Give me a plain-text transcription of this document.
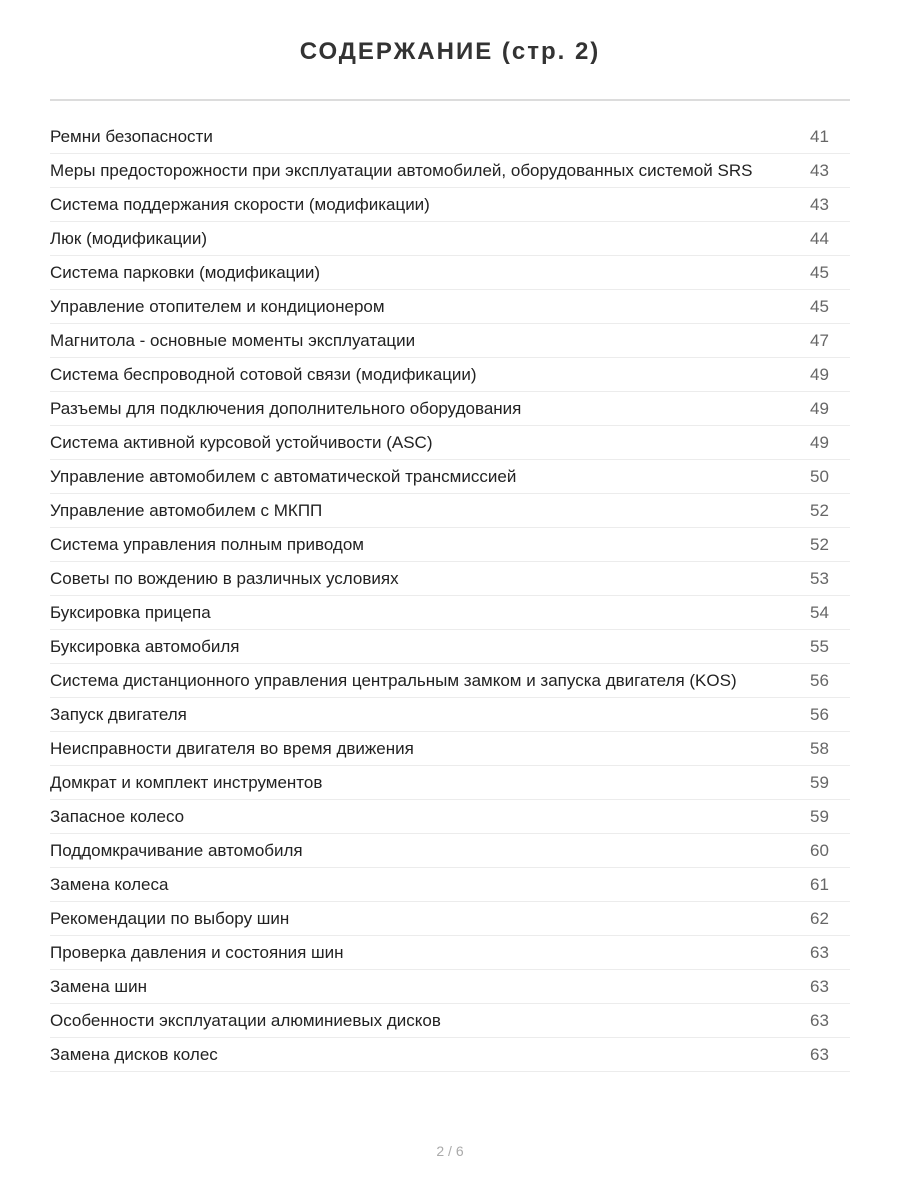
СОДЕРЖАНИЕ (стр. 2)
Ремни безопасности	41
Меры предосторожности при эксплуатации автомобилей, оборудованных системой SRS	43
Система поддержания скорости (модификации)	43
Люк (модификации)	44
Система парковки (модификации)	45
Управление отопителем и кондиционером	45
Магнитола - основные моменты эксплуатации	47
Система беспроводной сотовой связи (модификации)	49
Разъемы для подключения дополнительного оборудования	49
Система активной курсовой устойчивости (ASC)	49
Управление автомобилем с автоматической трансмиссией	50
Управление автомобилем с МКПП	52
Система управления полным приводом	52
Советы по вождению в различных условиях	53
Буксировка прицепа	54
Буксировка автомобиля	55
Система дистанционного управления центральным замком и запуска двигателя (KOS)	56
Запуск двигателя	56
Неисправности двигателя во время движения	58
Домкрат и комплект инструментов	59
Запасное колесо	59
Поддомкрачивание автомобиля	60
Замена колеса	61
Рекомендации по выбору шин	62
Проверка давления и состояния шин	63
Замена шин	63
Особенности эксплуатации алюминиевых дисков	63
Замена дисков колес	63
2 / 6
